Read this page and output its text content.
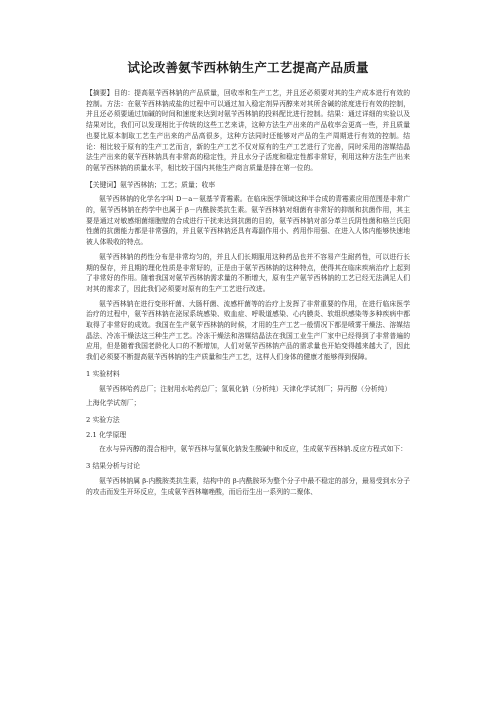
试论改善氨苄西林钠生产工艺提高产品质量

【摘要】目的：提高氨苄西林钠的产品质量，回收率和生产工艺，并且还必须要对其的生产成本进行有效的控制。方法：在氨苄西林钠成盐的过程中可以通过加入稳定剂异丙醇来对其所含碱的浓度进行有效的控制，并且还必须要通过加碱的时间和速度来达到对氨苄西林钠的投料配比进行控制。结果：通过详细的实验以及结果对比，我们可以发现相比于传统的这些工艺来讲，这种方法生产出来的产品收率会更高一些，并且质量也要比原本制取工艺生产出来的产品高很多，这种方法同时还能够对产品的生产周期进行有效的控制。结论：相比较于原有的生产工艺而言，新的生产工艺不仅对原有的生产工艺进行了完善，同时采用的溶媒结晶法生产出来的氨苄西林钠具有非常高的稳定性，并且水分子活度和稳定性都非常好，利用这种方法生产出来的氨苄西林钠的质量水平，相比较于国内其他生产商言质量是排在第一位的。

【关键词】氨苄西林钠；工艺；质量；收率

氨苄西林钠的化学名字叫 D－a－氨基苄青霉素。在临床医学领域这种半合成的青霉素应用范围是非常广的，氨苄西林钠在药学中也属于 β－内酰胺类抗生素。氨苄西林钠对细菌有非常好的抑制和抗菌作用，其主要是通过对敏感细菌细胞壁的合成进行干扰来达到抗菌的目的，氨苄西林钠对部分革兰氏阴性菌和格兰氏阳性菌的抗菌能力都是非常强的，并且氨苄西林钠还具有毒副作用小、药用作用强、在进入人体内能够快速地被人体吸收的特点。

氨苄西林钠的药性分布是非常均匀的，并且人们长期服用这种药品也并不容易产生耐药性，可以进行长期的保存，并且期的理化性质是非常好的，正是由于氨苄西林钠的这种特点，使得其在临床疾病治疗上起到了非常好的作用。随着我国对氨苄西林钠需求量的不断增大，原有生产氨苄西林钠的工艺已经无法满足人们对其的需求了，因此我们必须要对原有的生产工艺进行改进。

氨苄西林钠在进行变形杆菌、大肠杆菌、流感杆菌等的治疗上发挥了非常重要的作用，在进行临床医学治疗的过程中，氨苄西林钠在泌尿系统感染、败血症、呼吸道感染、心内膜炎、软组织感染等多种疾病中都取得了非常好的成效。我国在生产氨苄西林钠的时候，才用的生产工艺一般情况下都是喷雾干燥法、溶媒结晶法、冷冻干燥法这三种生产工艺。冷冻干燥法和溶媒结晶法在我国工业生产厂家中已经得到了非常普遍的应用，但是随着我国老龄化人口的不断增加，人们对氨苄西林钠产品的需求量也开始变得越来越大了，因此我们必须要不断提高氨苄西林钠的生产质量和生产工艺，这样人们身体的健康才能够得到保障。

1 实验材料

氨苄西林哈药总厂；注射用水哈药总厂；氢氧化钠（分析纯）天津化学试剂厂；异丙醇（分析纯）

上海化学试剂厂；

2 实验方法

2.1 化学原理

在水与异丙醇的混合相中，氨苄西林与氢氧化钠发生酸碱中和反应，生成氨苄西林钠.反应方程式如下：

3 结果分析与讨论

氨苄西林钠属 β-内酰胺类抗生素，结构中的 β-内酰胺环为整个分子中最不稳定的部分，最易受到水分子的攻击而发生开环反应，生成氨苄西林噻唑酸，而后衍生出一系列的二聚体、
